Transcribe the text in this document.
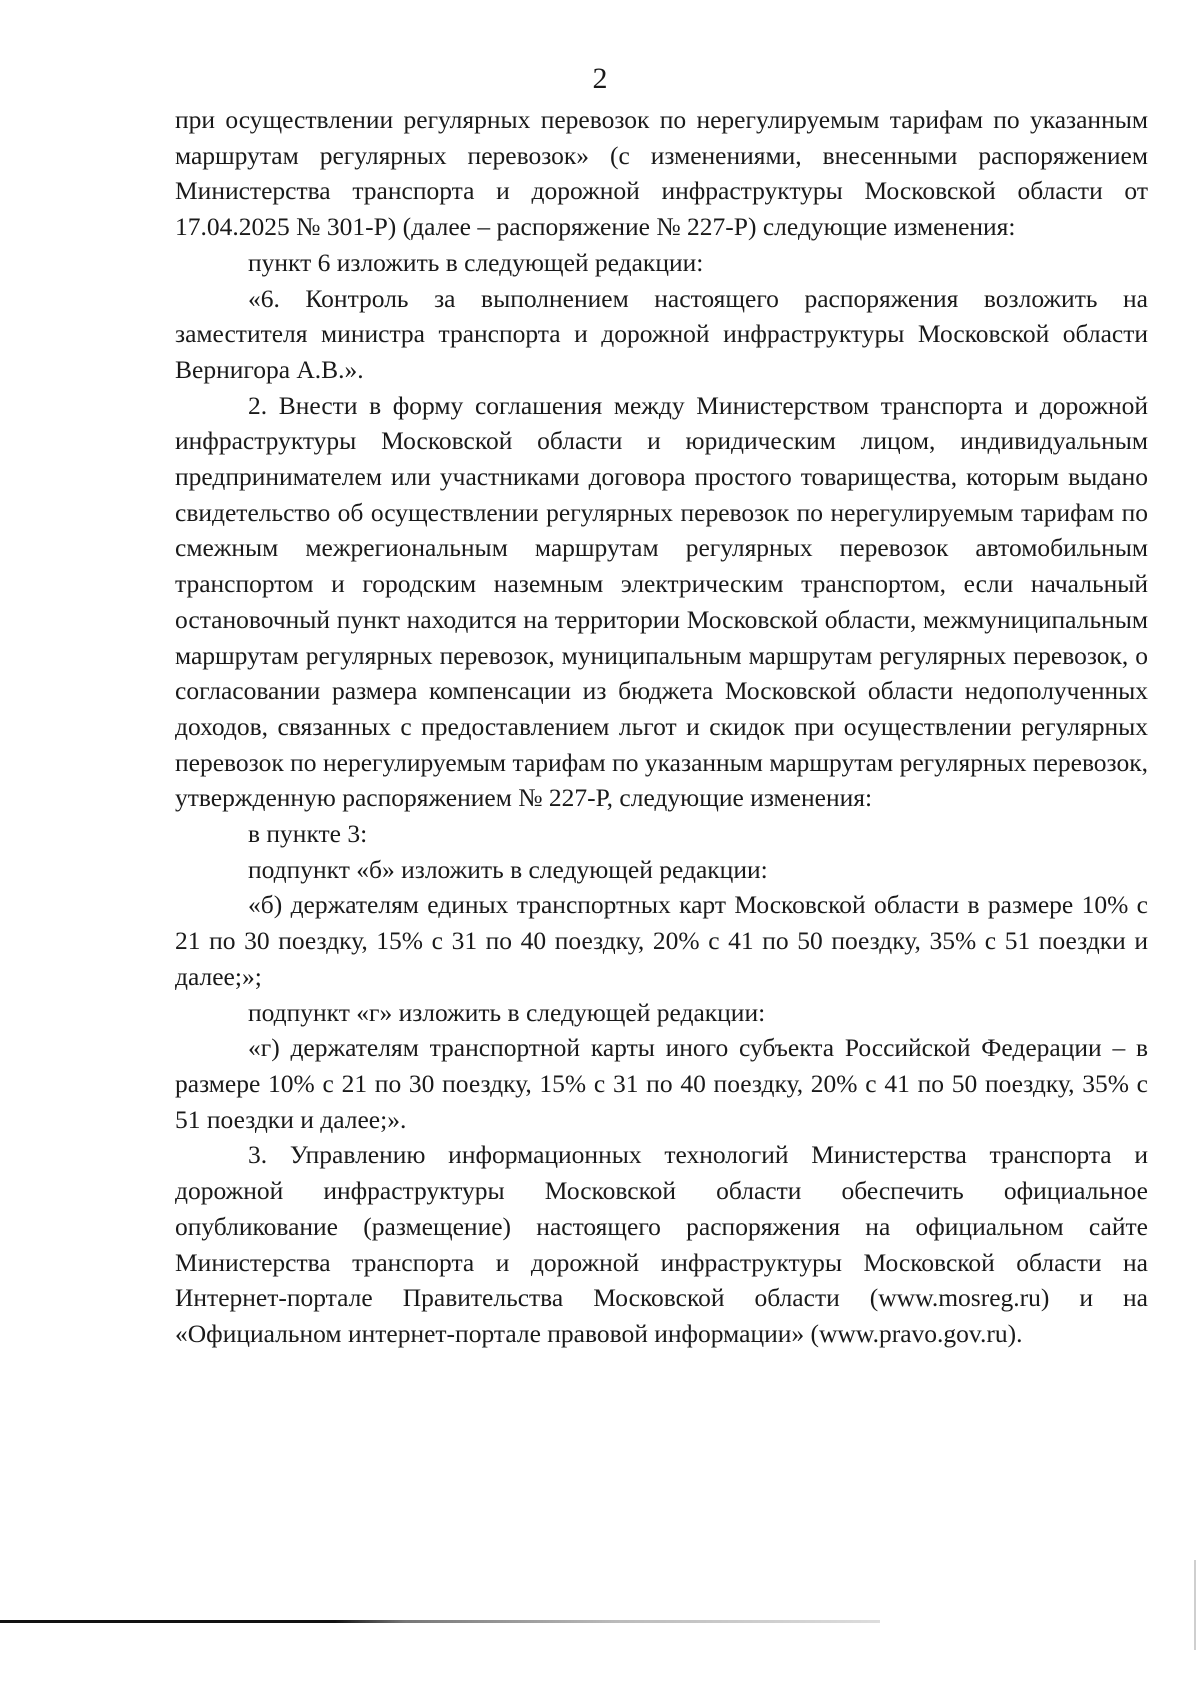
2

при осуществлении регулярных перевозок по нерегулируемым тарифам по указанным маршрутам регулярных перевозок» (с изменениями, внесенными распоряжением Министерства транспорта и дорожной инфраструктуры Московской области от 17.04.2025 № 301-Р) (далее – распоряжение № 227-Р) следующие изменения:

пункт 6 изложить в следующей редакции:

«6. Контроль за выполнением настоящего распоряжения возложить на заместителя министра транспорта и дорожной инфраструктуры Московской области Вернигора А.В.».

2. Внести в форму соглашения между Министерством транспорта и дорожной инфраструктуры Московской области и юридическим лицом, индивидуальным предпринимателем или участниками договора простого товарищества, которым выдано свидетельство об осуществлении регулярных перевозок по нерегулируемым тарифам по смежным межрегиональным маршрутам регулярных перевозок автомобильным транспортом и городским наземным электрическим транспортом, если начальный остановочный пункт находится на территории Московской области, межмуниципальным маршрутам регулярных перевозок, муниципальным маршрутам регулярных перевозок, о согласовании размера компенсации из бюджета Московской области недополученных доходов, связанных с предоставлением льгот и скидок при осуществлении регулярных перевозок по нерегулируемым тарифам по указанным маршрутам регулярных перевозок, утвержденную распоряжением № 227-Р, следующие изменения:

в пункте 3:

подпункт «б» изложить в следующей редакции:

«б) держателям единых транспортных карт Московской области в размере 10% с 21 по 30 поездку, 15% с 31 по 40 поездку, 20% с 41 по 50 поездку, 35% с 51 поездки и далее;»;

подпункт «г» изложить в следующей редакции:

«г) держателям транспортной карты иного субъекта Российской Федерации – в размере 10% с 21 по 30 поездку, 15% с 31 по 40 поездку, 20% с 41 по 50 поездку, 35% с 51 поездки и далее;».

3. Управлению информационных технологий Министерства транспорта и дорожной инфраструктуры Московской области обеспечить официальное опубликование (размещение) настоящего распоряжения на официальном сайте Министерства транспорта и дорожной инфраструктуры Московской области на Интернет-портале Правительства Московской области (www.mosreg.ru) и на «Официальном интернет-портале правовой информации» (www.pravo.gov.ru).
